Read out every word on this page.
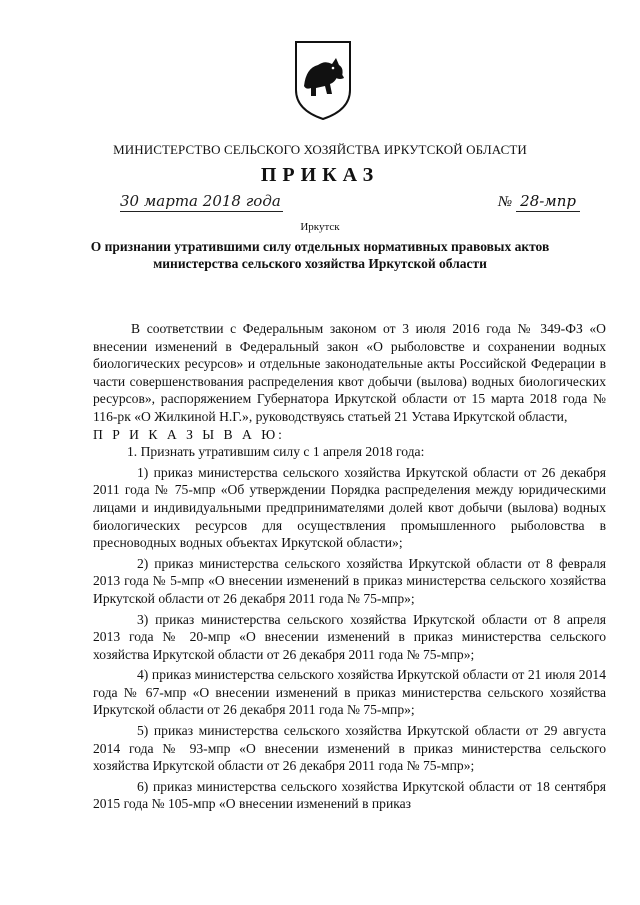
МИНИСТЕРСТВО СЕЛЬСКОГО ХОЗЯЙСТВА ИРКУТСКОЙ ОБЛАСТИ
ПРИКАЗ
30 марта 2018 года	№ 28-мпр
Иркутск
О признании утратившими силу отдельных нормативных правовых актов министерства сельского хозяйства Иркутской области

В соответствии с Федеральным законом от 3 июля 2016 года № 349-ФЗ «О внесении изменений в Федеральный закон «О рыболовстве и сохранении водных биологических ресурсов» и отдельные законодательные акты Российской Федерации в части совершенствования распределения квот добычи (вылова) водных биологических ресурсов», распоряжением Губернатора Иркутской области от 15 марта 2018 года № 116-рк «О Жилкиной Н.Г.», руководствуясь статьей 21 Устава Иркутской области,

П Р И К А З Ы В А Ю:

1. Признать утратившим силу с 1 апреля 2018 года:

1) приказ министерства сельского хозяйства Иркутской области от 26 декабря 2011 года № 75-мпр «Об утверждении Порядка распределения между юридическими лицами и индивидуальными предпринимателями долей квот добычи (вылова) водных биологических ресурсов для осуществления промышленного рыболовства в пресноводных водных объектах Иркутской области»;

2) приказ министерства сельского хозяйства Иркутской области от 8 февраля 2013 года № 5-мпр «О внесении изменений в приказ министерства сельского хозяйства Иркутской области от 26 декабря 2011 года № 75-мпр»;

3) приказ министерства сельского хозяйства Иркутской области от 8 апреля 2013 года № 20-мпр «О внесении изменений в приказ министерства сельского хозяйства Иркутской области от 26 декабря 2011 года № 75-мпр»;

4) приказ министерства сельского хозяйства Иркутской области от 21 июля 2014 года № 67-мпр «О внесении изменений в приказ министерства сельского хозяйства Иркутской области от 26 декабря 2011 года № 75-мпр»;

5) приказ министерства сельского хозяйства Иркутской области от 29 августа 2014 года № 93-мпр «О внесении изменений в приказ министерства сельского хозяйства Иркутской области от 26 декабря 2011 года № 75-мпр»;

6) приказ министерства сельского хозяйства Иркутской области от 18 сентября 2015 года № 105-мпр «О внесении изменений в приказ
